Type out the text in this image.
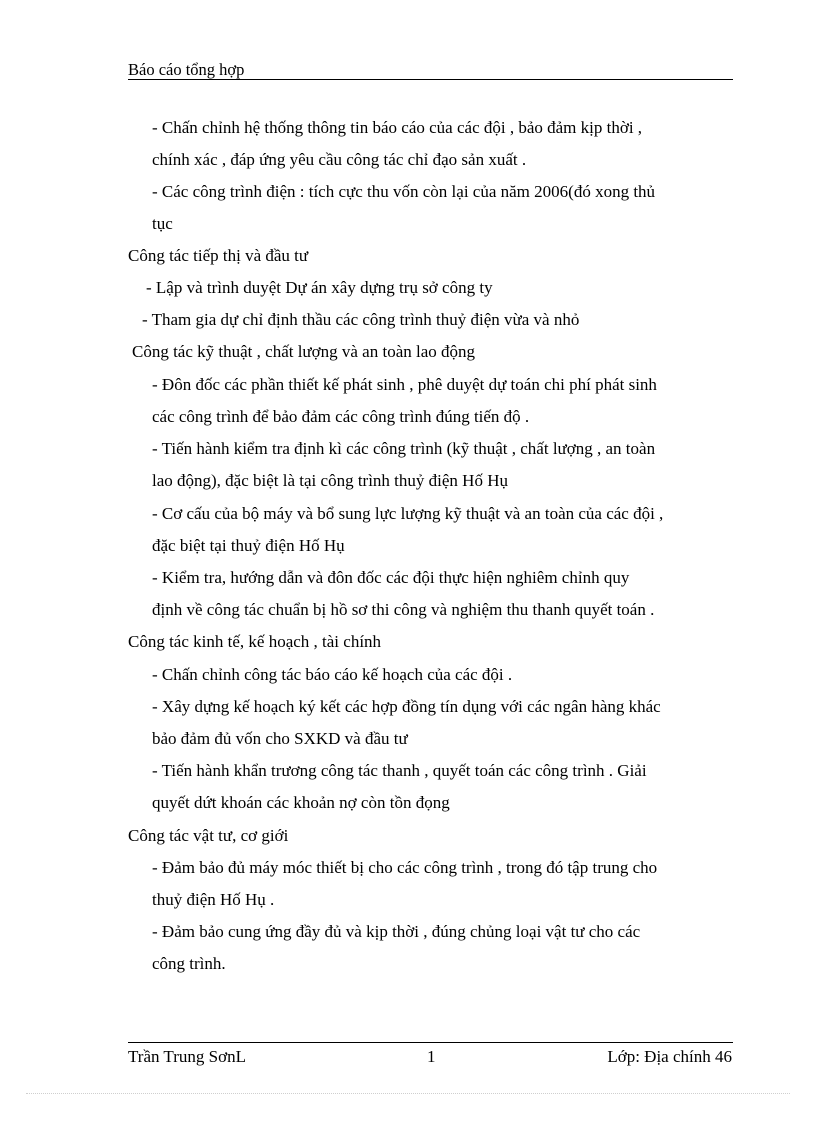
Báo cáo tổng hợp
- Chấn chỉnh hệ thống thông tin báo cáo của các đội , bảo đảm kịp thời ,
chính xác , đáp ứng yêu cầu công tác chỉ đạo sản xuất .
- Các công trình điện : tích cực thu vốn còn lại của năm 2006(đó xong thủ
tục
Công tác tiếp thị và đầu tư
- Lập và trình duyệt Dự án xây dựng trụ sở công ty
- Tham gia dự chỉ định thầu các công trình thuỷ điện vừa và nhỏ
Công tác kỹ thuật , chất lượng và an toàn lao động
- Đôn đốc các phần thiết kế phát sinh , phê duyệt dự toán chi phí phát sinh
các công trình để bảo đảm các công trình đúng tiến độ .
- Tiến hành kiểm tra định kì các công trình (kỹ thuật , chất lượng , an toàn
lao động), đặc biệt là tại công trình thuỷ điện Hố Hụ
- Cơ cấu của bộ máy và bổ sung lực lượng kỹ thuật và an toàn của các đội ,
đặc biệt tại thuỷ điện Hố Hụ
- Kiểm tra, hướng dẫn và đôn đốc các đội thực hiện nghiêm chỉnh quy
định về công tác chuẩn bị hồ sơ thi công và nghiệm thu thanh quyết toán .
Công tác kinh tế, kế hoạch , tài chính
- Chấn chỉnh công tác báo cáo kế hoạch của các đội .
- Xây dựng kế hoạch ký kết các hợp đồng tín dụng với các ngân hàng khác
bảo đảm đủ vốn cho SXKD và đầu tư
- Tiến hành khẩn trương công tác thanh , quyết toán các công trình . Giải
quyết dứt khoán các khoản nợ còn tồn đọng
Công tác vật tư, cơ giới
- Đảm bảo đủ máy móc thiết bị cho các công trình , trong đó tập trung cho
thuỷ điện Hố Hụ .
- Đảm bảo cung ứng đầy đủ và kịp thời , đúng chủng loại vật tư cho các
công trình.
Trần Trung SơnL	1	Lớp: Địa chính 46
